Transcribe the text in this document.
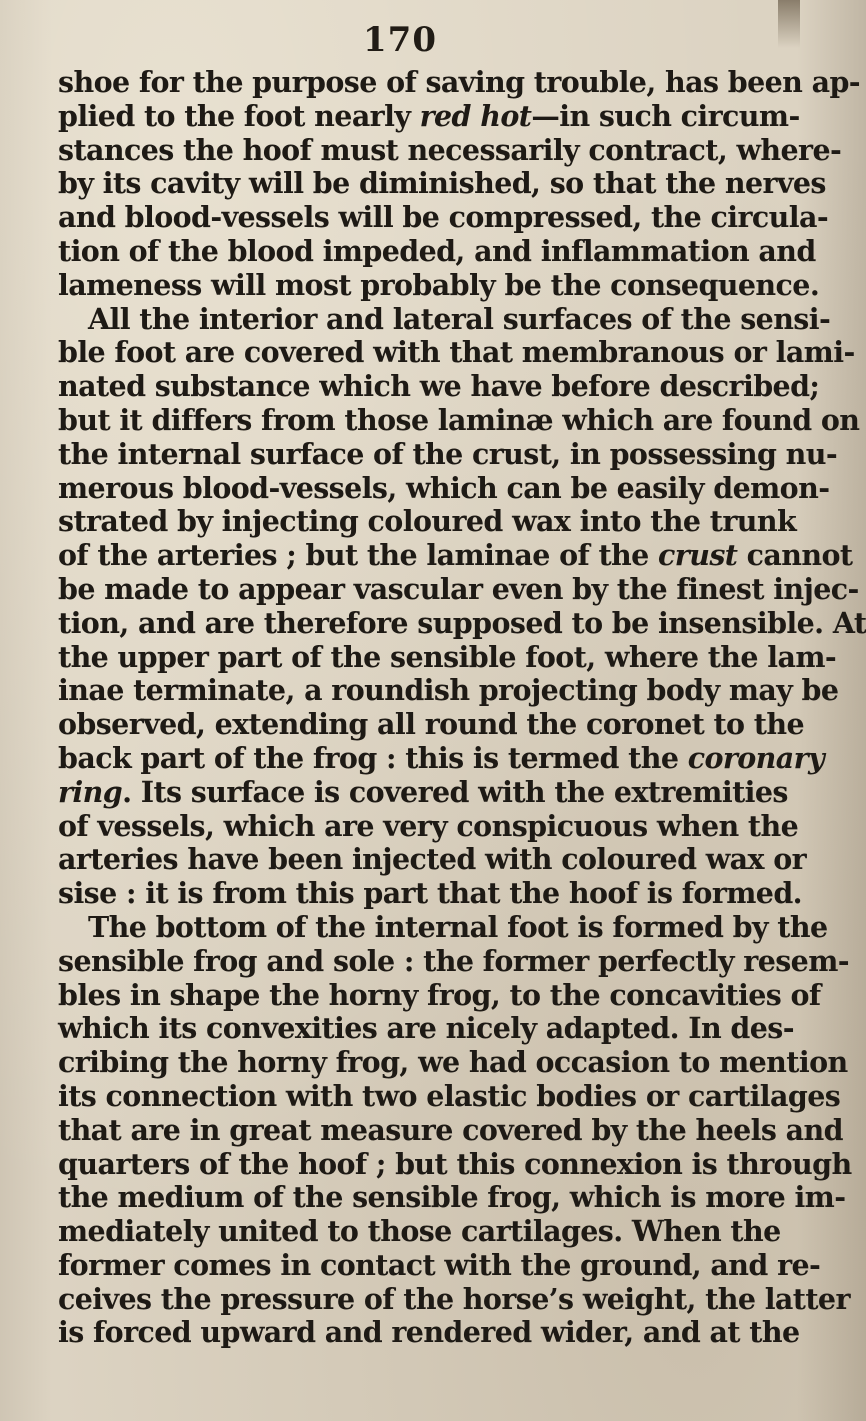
170
shoe for the purpose of saving trouble, has been ap-
plied to the foot nearly red hot—in such circum-
stances the hoof must necessarily contract, where-
by its cavity will be diminished, so that the nerves
and blood-vessels will be compressed, the circula-
tion of the blood impeded, and inflammation and
lameness will most probably be the consequence.
All the interior and lateral surfaces of the sensi-
ble foot are covered with that membranous or lami-
nated substance which we have before described;
but it differs from those laminæ which are found on
the internal surface of the crust, in possessing nu-
merous blood-vessels, which can be easily demon-
strated by injecting coloured wax into the trunk
of the arteries ; but the laminae of the crust cannot
be made to appear vascular even by the finest injec-
tion, and are therefore supposed to be insensible. At
the upper part of the sensible foot, where the lam-
inae terminate, a roundish projecting body may be
observed, extending all round the coronet to the
back part of the frog : this is termed the coronary
ring. Its surface is covered with the extremities
of vessels, which are very conspicuous when the
arteries have been injected with coloured wax or
sise : it is from this part that the hoof is formed.
The bottom of the internal foot is formed by the
sensible frog and sole : the former perfectly resem-
bles in shape the horny frog, to the concavities of
which its convexities are nicely adapted. In des-
cribing the horny frog, we had occasion to mention
its connection with two elastic bodies or cartilages
that are in great measure covered by the heels and
quarters of the hoof ; but this connexion is through
the medium of the sensible frog, which is more im-
mediately united to those cartilages. When the
former comes in contact with the ground, and re-
ceives the pressure of the horse’s weight, the latter
is forced upward and rendered wider, and at the
